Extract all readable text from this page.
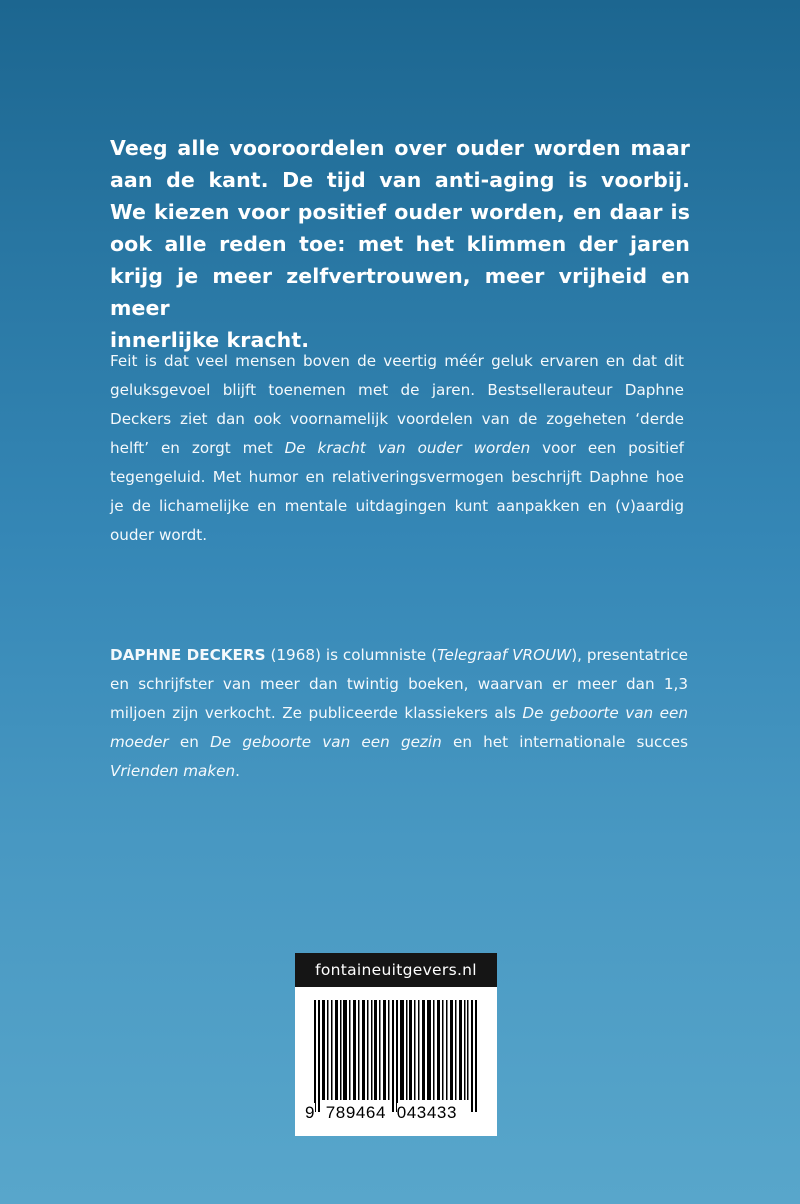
Veeg alle vooroordelen over ouder worden maar
aan de kant. De tijd van anti-aging is voorbij.
We kiezen voor positief ouder worden, en daar is
ook alle reden toe: met het klimmen der jaren
krijg je meer zelfvertrouwen, meer vrijheid en meer
innerlijke kracht.
Feit is dat veel mensen boven de veertig méér geluk ervaren en dat dit geluksgevoel blijft toenemen met de jaren. Bestsellerauteur Daphne Deckers ziet dan ook voornamelijk voordelen van de zogeheten ‘derde helft’ en zorgt met De kracht van ouder worden voor een positief tegengeluid. Met humor en relativeringsvermogen beschrijft Daphne hoe je de lichamelijke en mentale uitdagingen kunt aanpakken en (v)aardig ouder wordt.
DAPHNE DECKERS (1968) is columniste (Telegraaf VROUW), presentatrice en schrijfster van meer dan twintig boeken, waarvan er meer dan 1,3 miljoen zijn verkocht. Ze publiceerde klassiekers als De geboorte van een moeder en De geboorte van een gezin en het internationale succes Vrienden maken.
fontaineuitgevers.nl
9 789464 043433
